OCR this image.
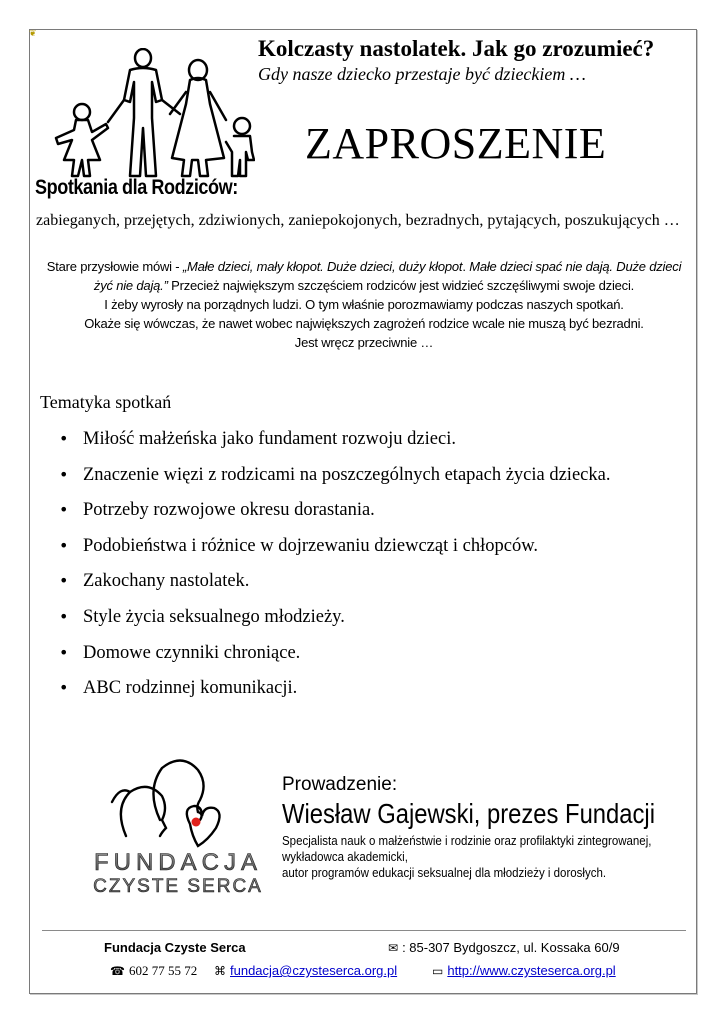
❦
Spotkania dla Rodziców:
Kolczasty nastolatek. Jak go zrozumieć?
Gdy nasze dziecko przestaje być dzieckiem …
ZAPROSZENIE
zabieganych, przejętych, zdziwionych, zaniepokojonych, bezradnych, pytających, poszukujących …

Stare przysłowie mówi - „Małe dzieci, mały kłopot. Duże dzieci, duży kłopot. Małe dzieci spać nie dają. Duże dzieci żyć nie dają.” Przecież największym szczęściem rodziców jest widzieć szczęśliwymi swoje dzieci.

I żeby wyrosły na porządnych ludzi. O tym właśnie porozmawiamy podczas naszych spotkań.

Okaże się wówczas, że nawet wobec największych zagrożeń rodzice wcale nie muszą być bezradni.

Jest wręcz przeciwnie …

Tematyka spotkań
• Miłość małżeńska jako fundament rozwoju dzieci.
• Znaczenie więzi z rodzicami na poszczególnych etapach życia dziecka.
• Potrzeby rozwojowe okresu dorastania.
• Podobieństwa i różnice w dojrzewaniu dziewcząt i chłopców.
• Zakochany nastolatek.
• Style życia seksualnego młodzieży.
• Domowe czynniki chroniące.
• ABC rodzinnej komunikacji.
FUNDACJA
CZYSTE SERCA
Prowadzenie:
Wiesław Gajewski, prezes Fundacji
Specjalista nauk o małżeństwie i rodzinie oraz profilaktyki zintegrowanej,
wykładowca akademicki,
autor programów edukacji seksualnej dla młodzieży i dorosłych.
Fundacja Czyste Serca	✉ : 85-307 Bydgoszcz, ul. Kossaka 60/9
☎ 602 77 55 72 ⌘ fundacja@czysteserca.org.pl	▭ http://www.czysteserca.org.pl
